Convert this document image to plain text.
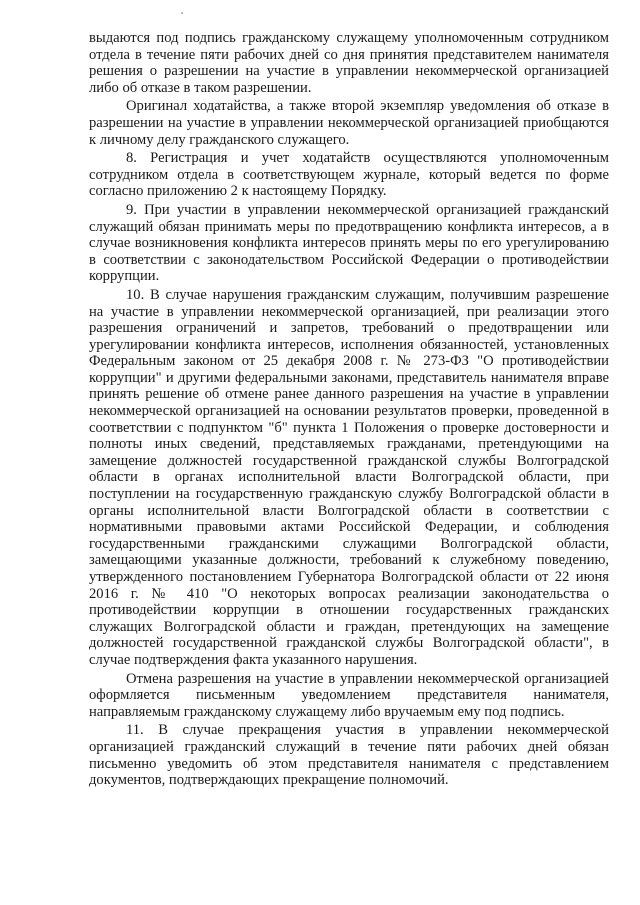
выдаются под подпись гражданскому служащему уполномоченным сотрудником отдела в течение пяти рабочих дней со дня принятия представителем нанимателя решения о разрешении на участие в управлении некоммерческой организацией либо об отказе в таком разрешении.

Оригинал ходатайства, а также второй экземпляр уведомления об отказе в разрешении на участие в управлении некоммерческой организацией приобщаются к личному делу гражданского служащего.

8. Регистрация и учет ходатайств осуществляются уполномоченным сотрудником отдела в соответствующем журнале, который ведется по форме согласно приложению 2 к настоящему Порядку.

9. При участии в управлении некоммерческой организацией гражданский служащий обязан принимать меры по предотвращению конфликта интересов, а в случае возникновения конфликта интересов принять меры по его урегулированию в соответствии с законодательством Российской Федерации о противодействии коррупции.

10. В случае нарушения гражданским служащим, получившим разрешение на участие в управлении некоммерческой организацией, при реализации этого разрешения ограничений и запретов, требований о предотвращении или урегулировании конфликта интересов, исполнения обязанностей, установленных Федеральным законом от 25 декабря 2008 г. № 273-ФЗ "О противодействии коррупции" и другими федеральными законами, представитель нанимателя вправе принять решение об отмене ранее данного разрешения на участие в управлении некоммерческой организацией на основании результатов проверки, проведенной в соответствии с подпунктом "б" пункта 1 Положения о проверке достоверности и полноты иных сведений, представляемых гражданами, претендующими на замещение должностей государственной гражданской службы Волгоградской области в органах исполнительной власти Волгоградской области, при поступлении на государственную гражданскую службу Волгоградской области в органы исполнительной власти Волгоградской области в соответствии с нормативными правовыми актами Российской Федерации, и соблюдения государственными гражданскими служащими Волгоградской области, замещающими указанные должности, требований к служебному поведению, утвержденного постановлением Губернатора Волгоградской области от 22 июня 2016 г. № 410 "О некоторых вопросах реализации законодательства о противодействии коррупции в отношении государственных гражданских служащих Волгоградской области и граждан, претендующих на замещение должностей государственной гражданской службы Волгоградской области", в случае подтверждения факта указанного нарушения.

Отмена разрешения на участие в управлении некоммерческой организацией оформляется письменным уведомлением представителя нанимателя, направляемым гражданскому служащему либо вручаемым ему под подпись.

11. В случае прекращения участия в управлении некоммерческой организацией гражданский служащий в течение пяти рабочих дней обязан письменно уведомить об этом представителя нанимателя с представлением документов, подтверждающих прекращение полномочий.
